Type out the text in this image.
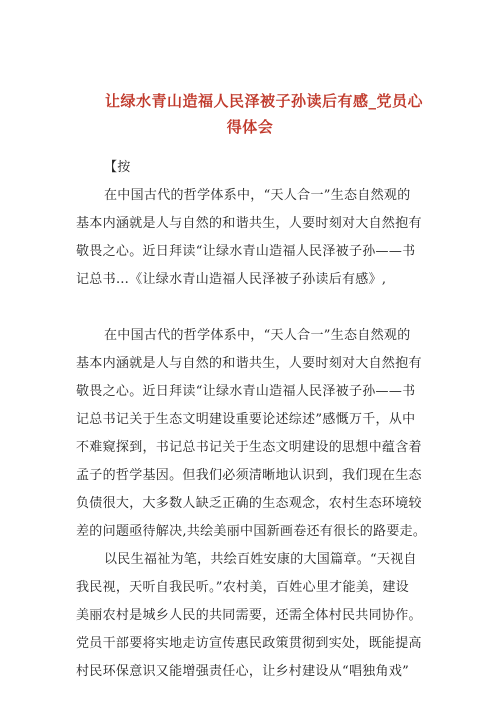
让绿水青山造福人民泽被子孙读后有感_党员心
得体会
【按
在中国古代的哲学体系中，“天人合一”生态自然观的
基本内涵就是人与自然的和谐共生，人要时刻对大自然抱有
敬畏之心。近日拜读“让绿水青山造福人民泽被子孙——书
记总书…《让绿水青山造福人民泽被子孙读后有感》,
在中国古代的哲学体系中，“天人合一”生态自然观的
基本内涵就是人与自然的和谐共生，人要时刻对大自然抱有
敬畏之心。近日拜读“让绿水青山造福人民泽被子孙——书
记总书记关于生态文明建设重要论述综述”感慨万千，从中
不难窥探到，书记总书记关于生态文明建设的思想中蕴含着
孟子的哲学基因。但我们必须清晰地认识到，我们现在生态
负债很大，大多数人缺乏正确的生态观念，农村生态环境较
差的问题亟待解决,共绘美丽中国新画卷还有很长的路要走。
以民生福祉为笔，共绘百姓安康的大国篇章。“天视自
我民视，天听自我民听。”农村美，百姓心里才能美，建设
美丽农村是城乡人民的共同需要，还需全体村民共同协作。
党员干部要将实地走访宣传惠民政策贯彻到实处，既能提高
村民环保意识又能增强责任心，让乡村建设从“唱独角戏”
